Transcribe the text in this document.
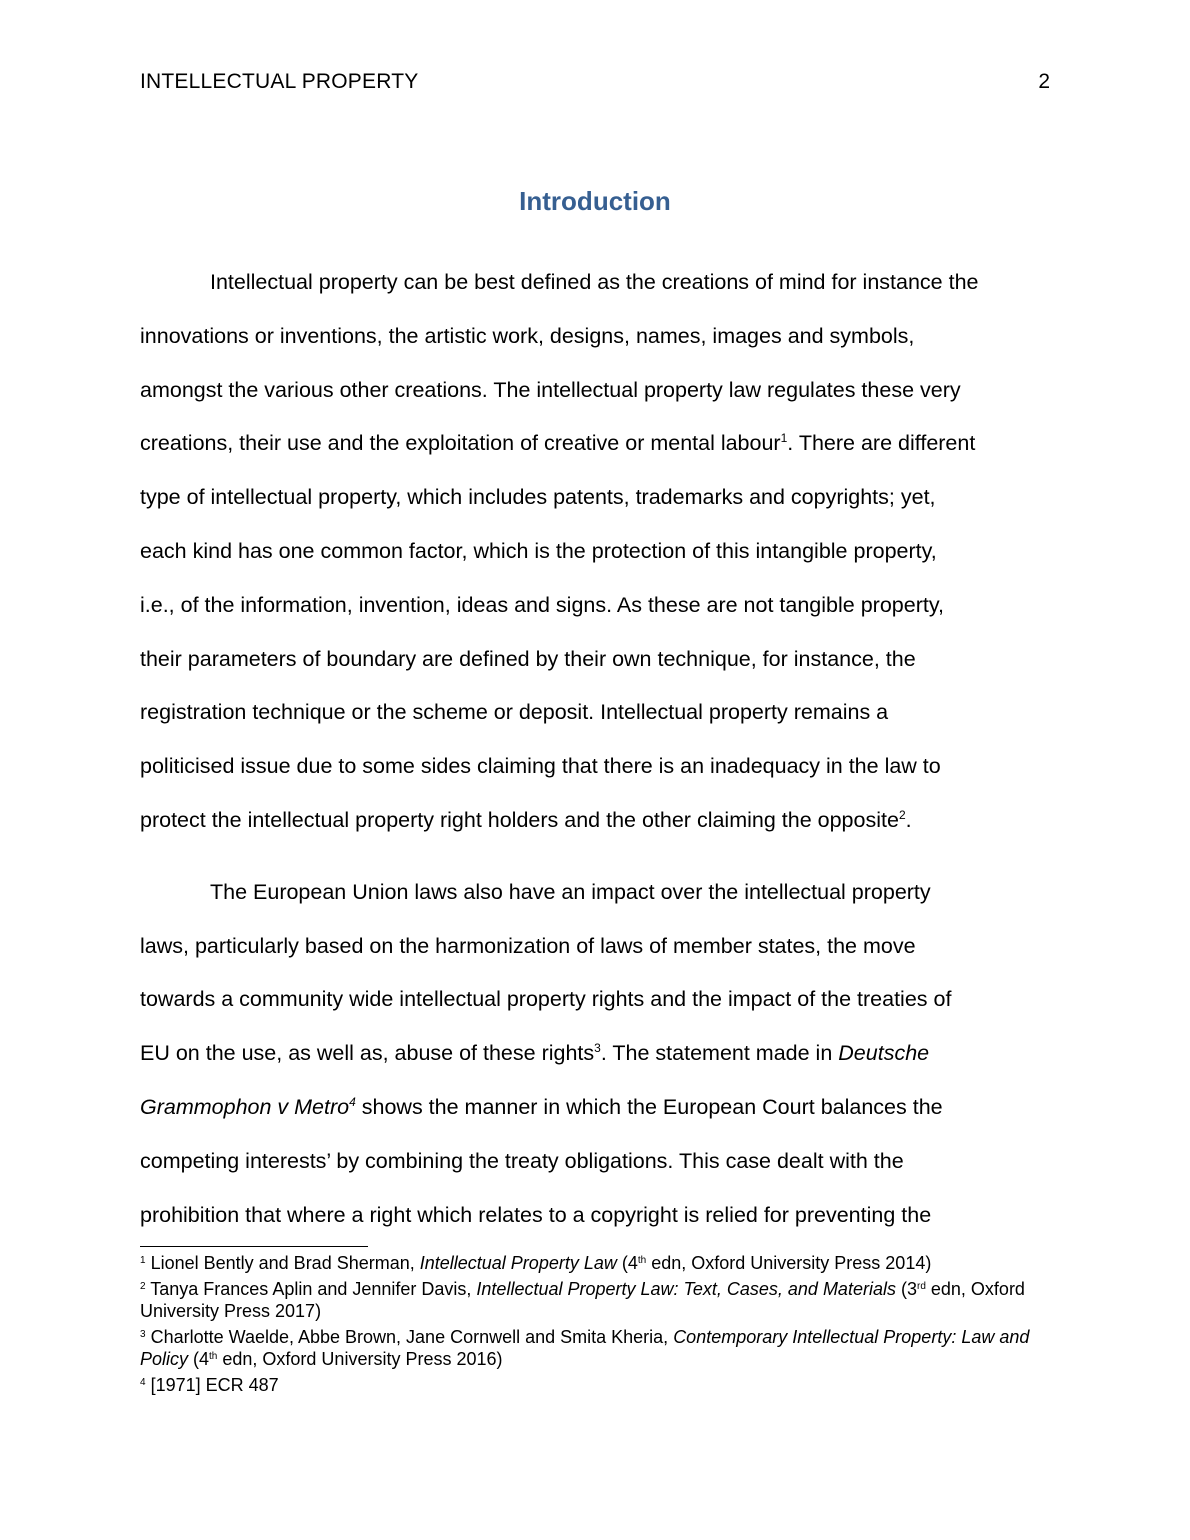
INTELLECTUAL PROPERTY	2
Introduction

Intellectual property can be best defined as the creations of mind for instance the
innovations or inventions, the artistic work, designs, names, images and symbols,
amongst the various other creations. The intellectual property law regulates these very
creations, their use and the exploitation of creative or mental labour$^1$. There are different
type of intellectual property, which includes patents, trademarks and copyrights; yet,
each kind has one common factor, which is the protection of this intangible property,
i.e., of the information, invention, ideas and signs. As these are not tangible property,
their parameters of boundary are defined by their own technique, for instance, the
registration technique or the scheme or deposit. Intellectual property remains a
politicised issue due to some sides claiming that there is an inadequacy in the law to
protect the intellectual property right holders and the other claiming the opposite$^2$.

The European Union laws also have an impact over the intellectual property
laws, particularly based on the harmonization of laws of member states, the move
towards a community wide intellectual property rights and the impact of the treaties of
EU on the use, as well as, abuse of these rights$^3$. The statement made in Deutsche
Grammophon v Metro$^4$ shows the manner in which the European Court balances the
competing interests’ by combining the treaty obligations. This case dealt with the
prohibition that where a right which relates to a copyright is relied for preventing the

$^1$ Lionel Bently and Brad Sherman, Intellectual Property Law (4th edn, Oxford University Press 2014)
$^2$ Tanya Frances Aplin and Jennifer Davis, Intellectual Property Law: Text, Cases, and Materials (3rd edn, Oxford University Press 2017)
$^3$ Charlotte Waelde, Abbe Brown, Jane Cornwell and Smita Kheria, Contemporary Intellectual Property: Law and Policy (4th edn, Oxford University Press 2016)
$^4$ [1971] ECR 487
